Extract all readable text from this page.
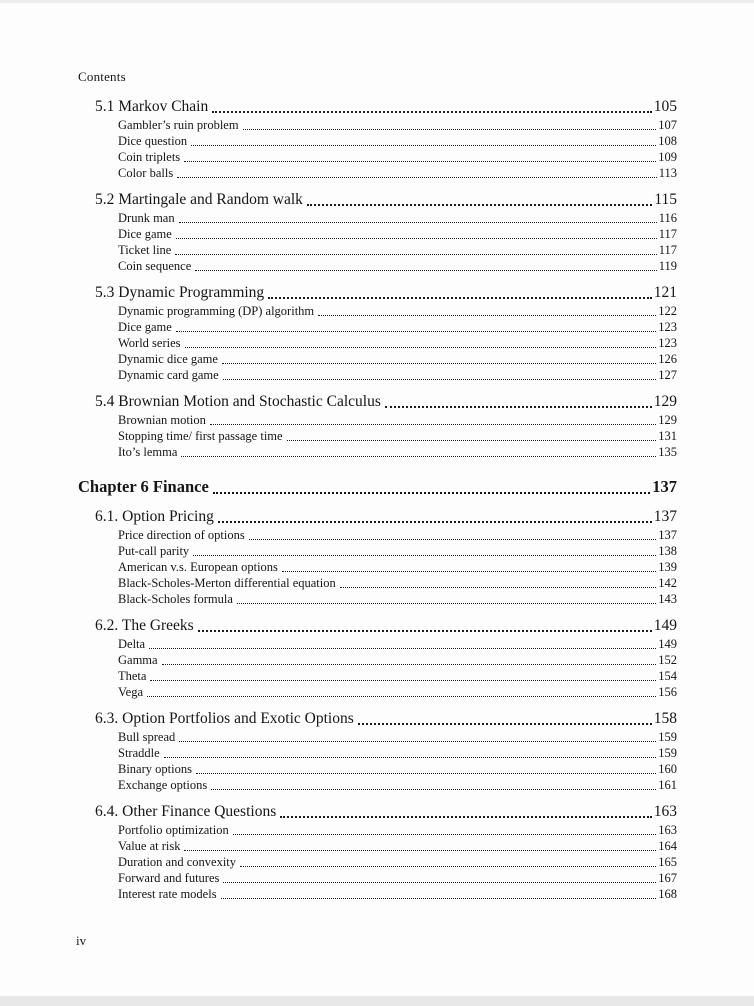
Contents
5.1 Markov Chain	105
Gambler’s ruin problem	107
Dice question	108
Coin triplets	109
Color balls	113
5.2 Martingale and Random walk	115
Drunk man	116
Dice game	117
Ticket line	117
Coin sequence	119
5.3 Dynamic Programming	121
Dynamic programming (DP) algorithm	122
Dice game	123
World series	123
Dynamic dice game	126
Dynamic card game	127
5.4 Brownian Motion and Stochastic Calculus	129
Brownian motion	129
Stopping time/ first passage time	131
Ito’s lemma	135
Chapter 6 Finance	137
6.1. Option Pricing	137
Price direction of options	137
Put-call parity	138
American v.s. European options	139
Black-Scholes-Merton differential equation	142
Black-Scholes formula	143
6.2. The Greeks	149
Delta	149
Gamma	152
Theta	154
Vega	156
6.3. Option Portfolios and Exotic Options	158
Bull spread	159
Straddle	159
Binary options	160
Exchange options	161
6.4. Other Finance Questions	163
Portfolio optimization	163
Value at risk	164
Duration and convexity	165
Forward and futures	167
Interest rate models	168
iv
